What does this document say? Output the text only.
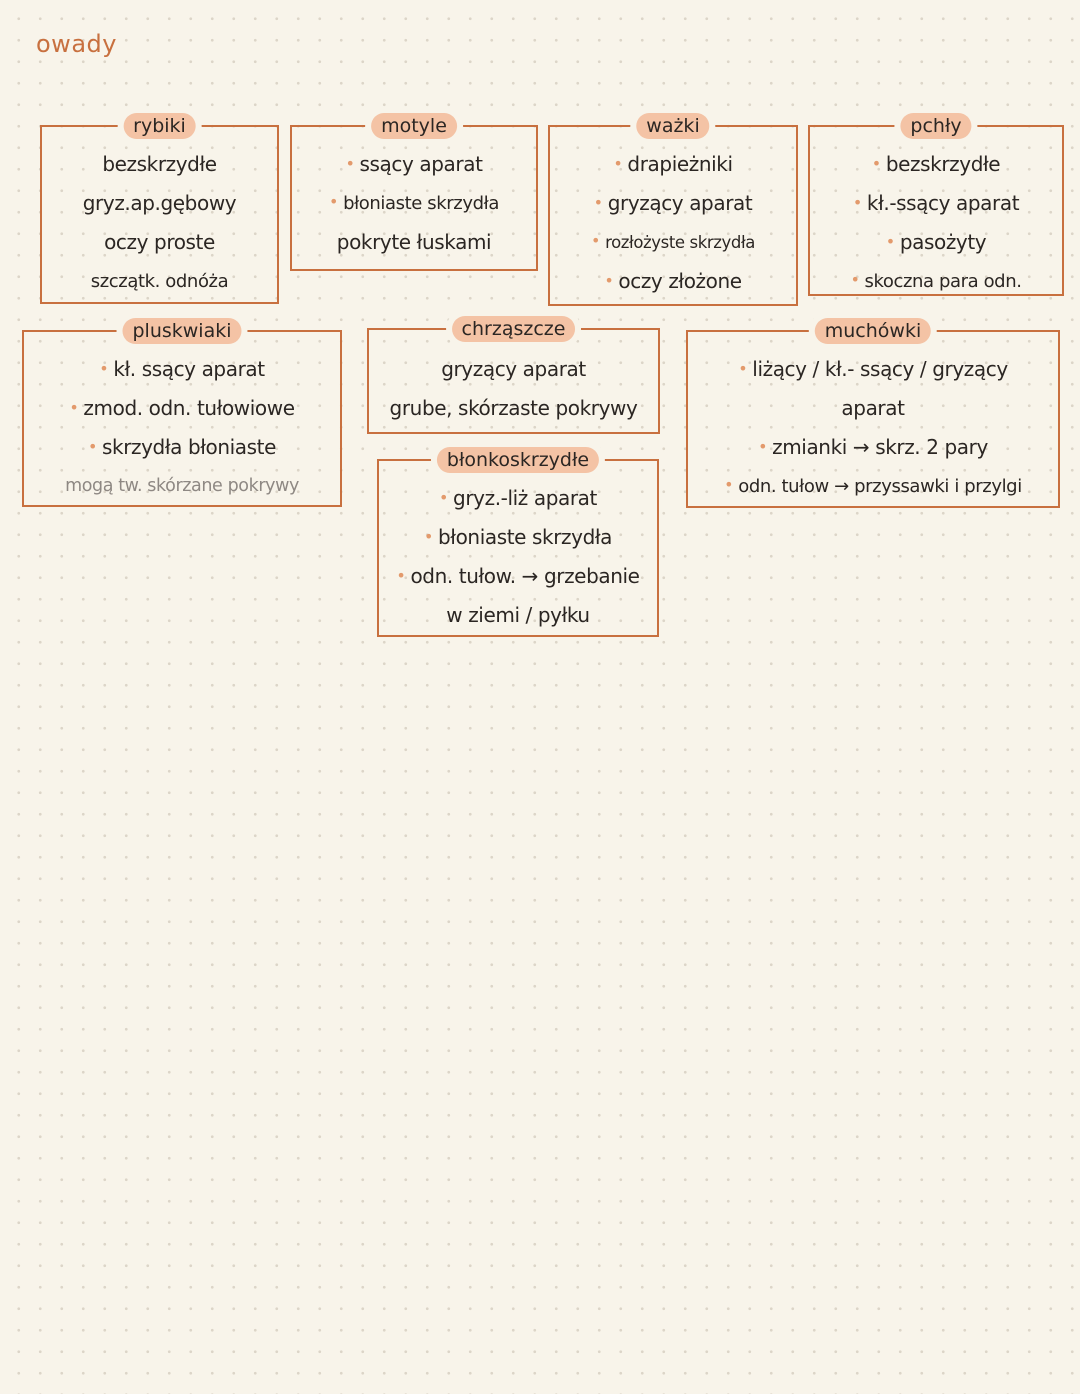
owady
rybiki
bezskrzydłe
gryz.ap.gębowy
oczy proste
szczątk. odnóża
motyle
• ssący aparat
• błoniaste skrzydła
pokryte łuskami
ważki
• drapieżniki
• gryzący aparat
• rozłożyste skrzydła
• oczy złożone
pchły
• bezskrzydłe
• kł.-ssący aparat
• pasożyty
• skoczna para odn.
pluskwiaki
• kł. ssący aparat
• zmod. odn. tułowiowe
• skrzydła błoniaste
mogą tw. skórzane pokrywy
chrząszcze
gryzący aparat
grube, skórzaste pokrywy
muchówki
• liżący / kł.- ssący / gryzący
aparat
• zmianki → skrz. 2 pary
• odn. tułow → przyssawki i przylgi
błonkoskrzydłe
• gryz.-liż aparat
• błoniaste skrzydła
• odn. tułow. → grzebanie
w ziemi / pyłku
